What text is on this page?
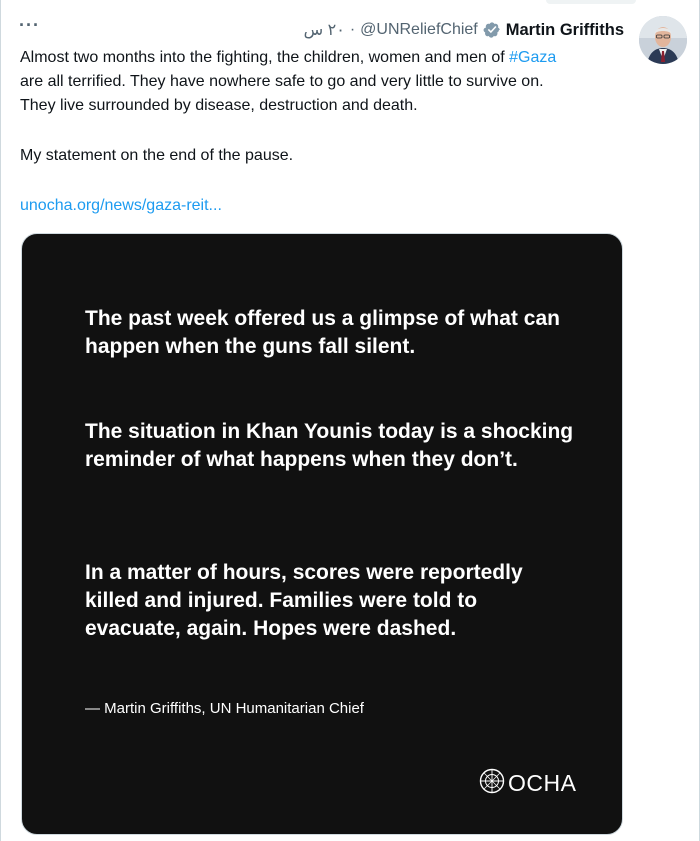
···	٢٠ س · @UNReliefChief Martin Griffiths

Almost two months into the fighting, the children, women and men of #Gaza

are all terrified. They have nowhere safe to go and very little to survive on.

They live surrounded by disease, destruction and death.

My statement on the end of the pause.

unocha.org/news/gaza-reit...

The past week offered us a glimpse of what can happen when the guns fall silent.
The situation in Khan Younis today is a shocking reminder of what happens when they don’t.
In a matter of hours, scores were reportedly killed and injured. Families were told to evacuate, again. Hopes were dashed.
— Martin Griffiths, UN Humanitarian Chief
OCHA
